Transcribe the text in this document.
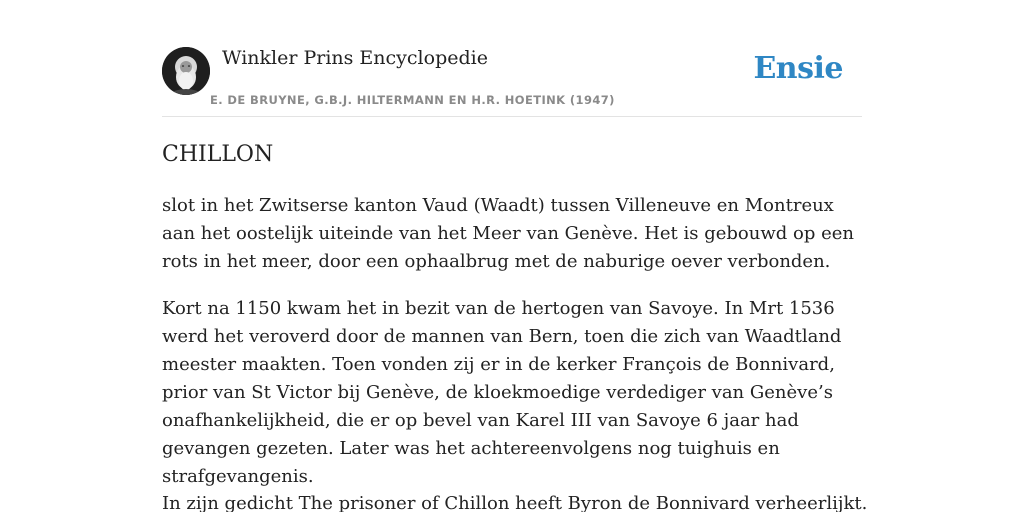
Winkler Prins Encyclopedie
E. DE BRUYNE, G.B.J. HILTERMANN EN H.R. HOETINK (1947)
Ensie
CHILLON

slot in het Zwitserse kanton Vaud (Waadt) tussen Villeneuve en Montreux aan het oostelijk uiteinde van het Meer van Genève. Het is gebouwd op een rots in het meer, door een ophaalbrug met de naburige oever verbonden.

Kort na 1150 kwam het in bezit van de hertogen van Savoye. In Mrt 1536 werd het veroverd door de mannen van Bern, toen die zich van Waadtland meester maakten. Toen vonden zij er in de kerker François de Bonnivard, prior van St Victor bij Genève, de kloekmoedige verdediger van Genève’s onafhankelijkheid, die er op bevel van Karel III van Savoye 6 jaar had gevangen gezeten. Later was het achtereenvolgens nog tuighuis en strafgevangenis.

In zijn gedicht The prisoner of Chillon heeft Byron de Bonnivard verheerlijkt.
